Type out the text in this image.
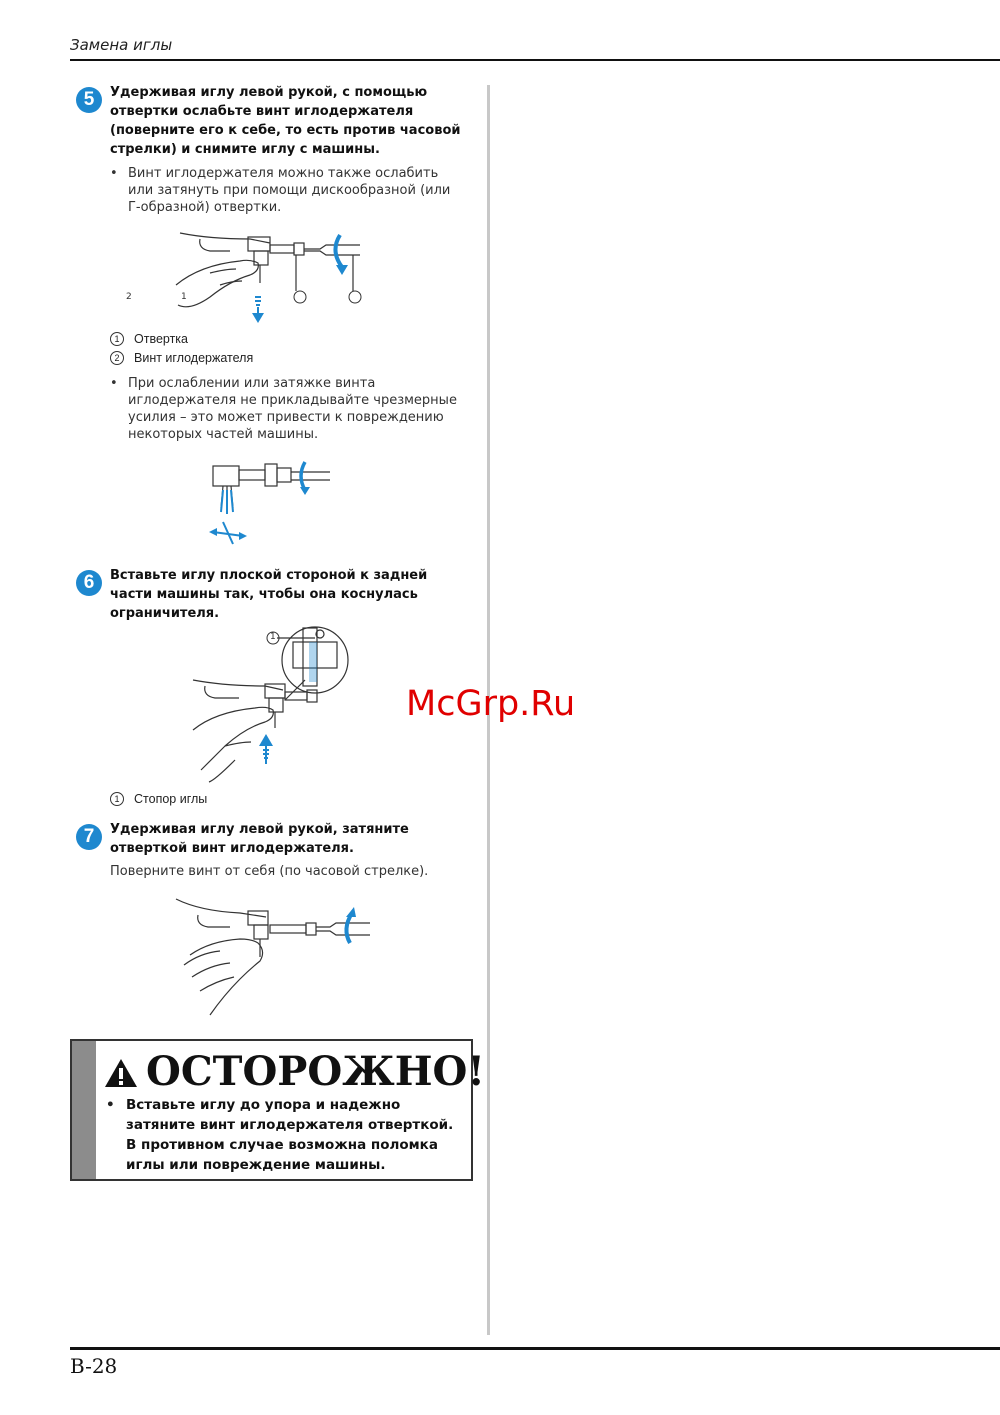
Замена иглы
5	Удерживая иглу левой рукой, с помощью отвертки ослабьте винт иглодержателя (поверните его к себе, то есть против часовой стрелки) и снимите иглу с машины.
• Винт иглодержателя можно также ослабить или затянуть при помощи дискообразной (или Г-образной) отвертки.
2	1
1 Отвертка
2 Винт иглодержателя
• При ослаблении или затяжке винта иглодержателя не прикладывайте чрезмерные усилия – это может привести к повреждению некоторых частей машины.
6	Вставьте иглу плоской стороной к задней части машины так, чтобы она коснулась ограничителя.
1
1 Стопор иглы
7	Удерживая иглу левой рукой, затяните отверткой винт иглодержателя.
Поверните винт от себя (по часовой стрелке).
McGrp.Ru
ОСТОРОЖНО!
• Вставьте иглу до упора и надежно затяните винт иглодержателя отверткой. В противном случае возможна поломка иглы или повреждение машины.
B-28
